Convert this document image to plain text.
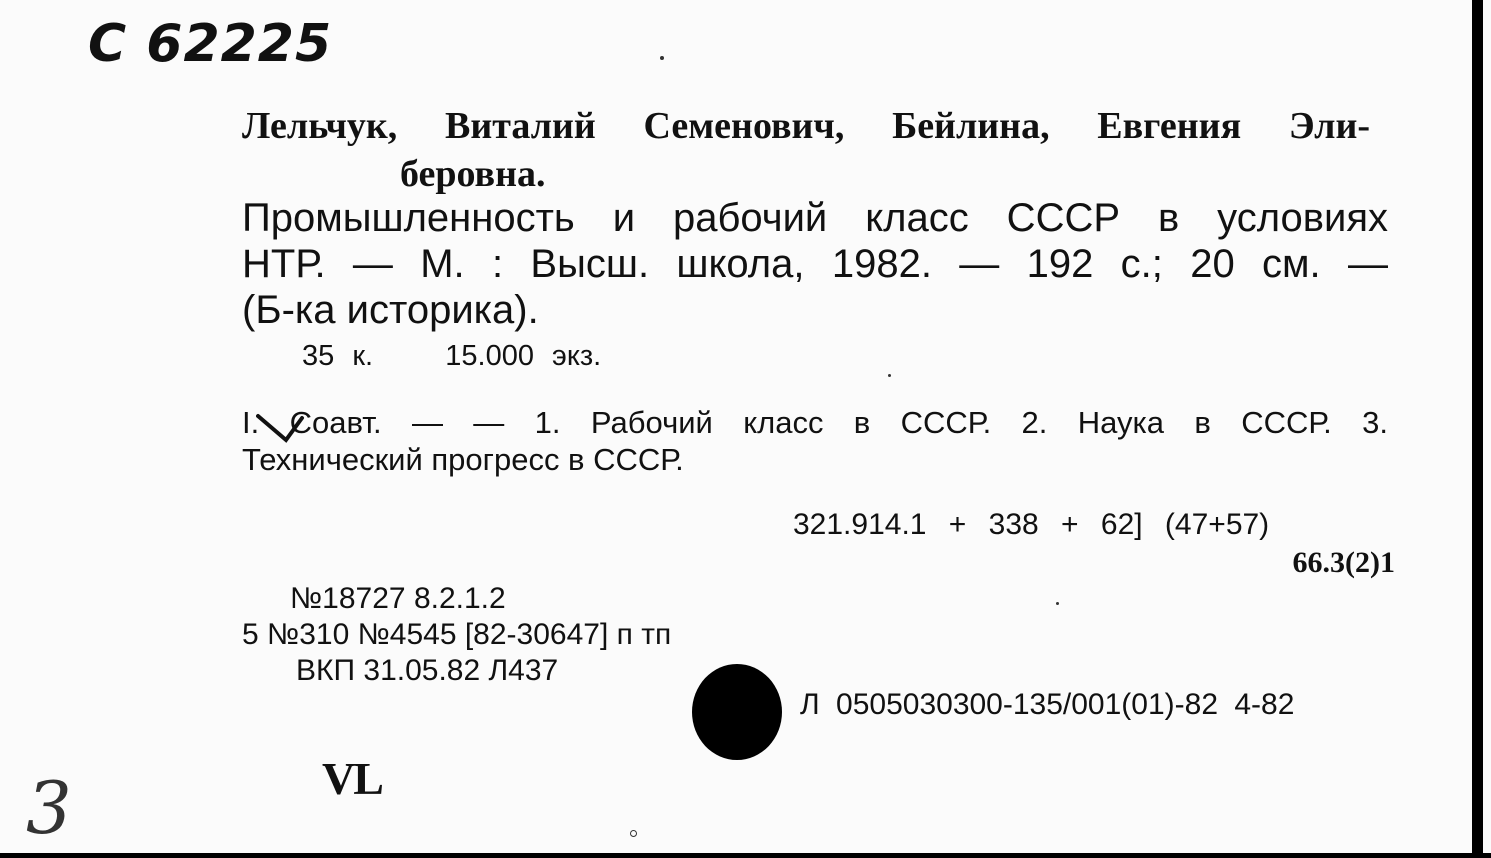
С 62225
Лельчук, Виталий Семенович, Бейлина, Евгения Эли-
беровна.
Промышленность и рабочий класс СССР в условиях
НТР. — М. : Высш. школа, 1982. — 192 с.; 20 см. —
(Б-ка историка).
35 к. 15.000 экз.
I. Соавт. — — 1. Рабочий класс в СССР. 2. Наука в СССР. 3.
Технический прогресс в СССР.
321.914.1 + 338 + 62] (47+57)
66.3(2)1
№18727 8.2.1.2
5 №310 №4545 [82-30647] п тп
ВКП 31.05.82 Л437
Л 0505030300-135/001(01)-82 4-82
VL
3
